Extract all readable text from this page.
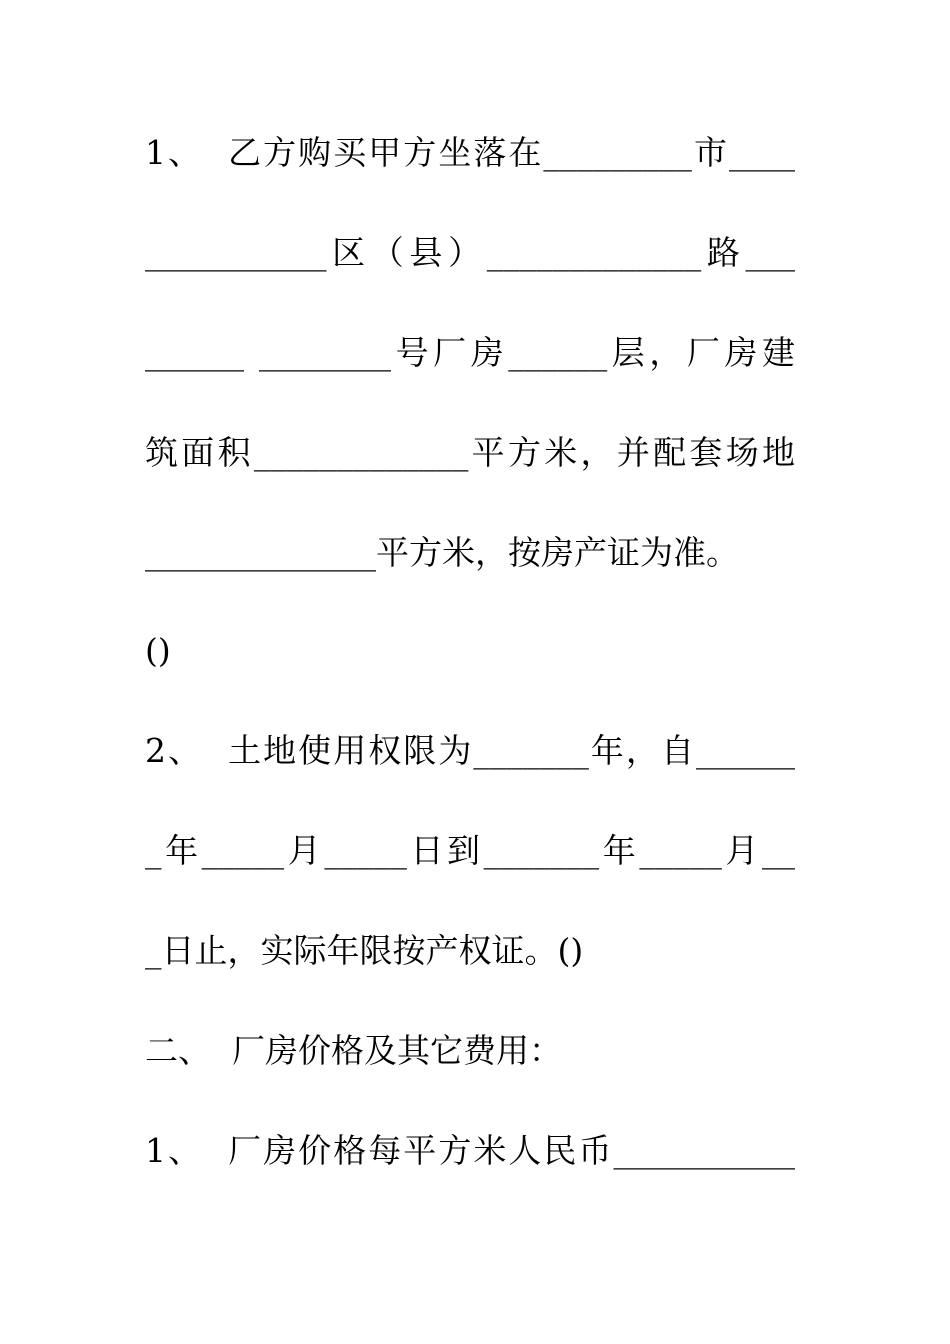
1、  乙方购买甲方坐落在_________市____
___________区（县）_____________路___
______ ________号厂房______层，厂房建
筑面积_____________平方米，并配套场地
______________平方米，按房产证为准。
()
2、  土地使用权限为_______年，自______
_年_____月_____日到_______年_____月__
_日止，实际年限按产权证。()
二、  厂房价格及其它费用：
1、  厂房价格每平方米人民币___________
